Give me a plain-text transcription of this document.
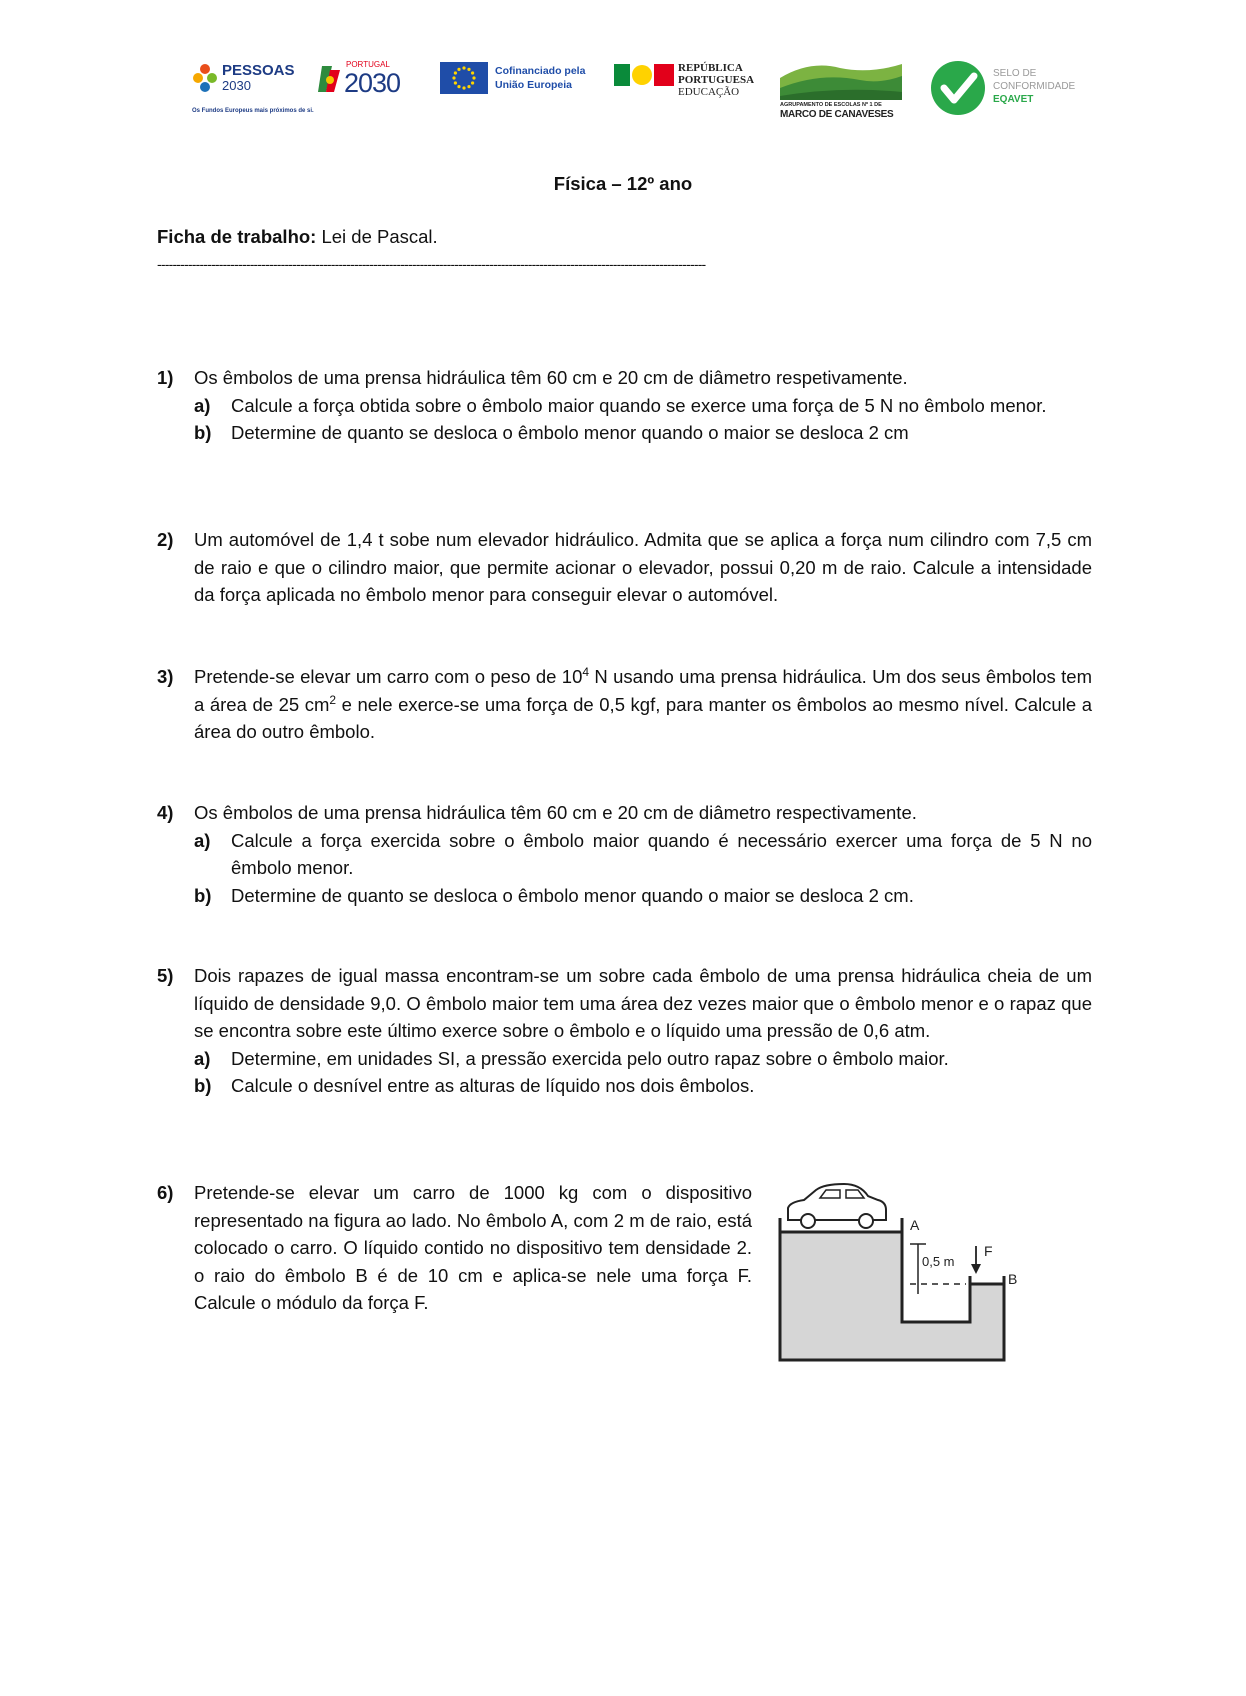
PESSOAS
2030
Os Fundos Europeus mais próximos de si.
PORTUGAL
2030	Cofinanciado pela
União Europeia
REPÚBLICA
PORTUGUESA
EDUCAÇÃO
AGRUPAMENTO DE ESCOLAS Nº 1 DE
MARCO DE CANAVESES
SELO DE
CONFORMIDADE
EQAVET
Física – 12º ano
Ficha de trabalho: Lei de Pascal.
----------------------------------------------------------------------------------------------------------------------------------------------
1) Os êmbolos de uma prensa hidráulica têm 60 cm e 20 cm de diâmetro respetivamente.
a) Calcule a força obtida sobre o êmbolo maior quando se exerce uma força de 5 N no êmbolo menor.
b) Determine de quanto se desloca o êmbolo menor quando o maior se desloca 2 cm
2) Um automóvel de 1,4 t sobe num elevador hidráulico. Admita que se aplica a força num cilindro com 7,5 cm de raio e que o cilindro maior, que permite acionar o elevador, possui 0,20 m de raio. Calcule a intensidade da força aplicada no êmbolo menor para conseguir elevar o automóvel.
3) Pretende-se elevar um carro com o peso de $10^4$ N usando uma prensa hidráulica. Um dos seus êmbolos tem a área de 25 $cm^2$ e nele exerce-se uma força de 0,5 kgf, para manter os êmbolos ao mesmo nível. Calcule a área do outro êmbolo.
4) Os êmbolos de uma prensa hidráulica têm 60 cm e 20 cm de diâmetro respectivamente.
a) Calcule a força exercida sobre o êmbolo maior quando é necessário exercer uma força de 5 N no êmbolo menor.
b) Determine de quanto se desloca o êmbolo menor quando o maior se desloca 2 cm.
5) Dois rapazes de igual massa encontram-se um sobre cada êmbolo de uma prensa hidráulica cheia de um líquido de densidade 9,0. O êmbolo maior tem uma área dez vezes maior que o êmbolo menor e o rapaz que se encontra sobre este último exerce sobre o êmbolo e o líquido uma pressão de 0,6 atm.
a) Determine, em unidades SI, a pressão exercida pelo outro rapaz sobre o êmbolo maior.
b) Calcule o desnível entre as alturas de líquido nos dois êmbolos.
6) Pretende-se elevar um carro de 1000 kg com o dispositivo representado na figura ao lado. No êmbolo A, com 2 m de raio, está colocado o carro. O líquido contido no dispositivo tem densidade 2. o raio do êmbolo B é de 10 cm e aplica-se nele uma força F. Calcule o módulo da força F.
A
B
0,5 m
F
